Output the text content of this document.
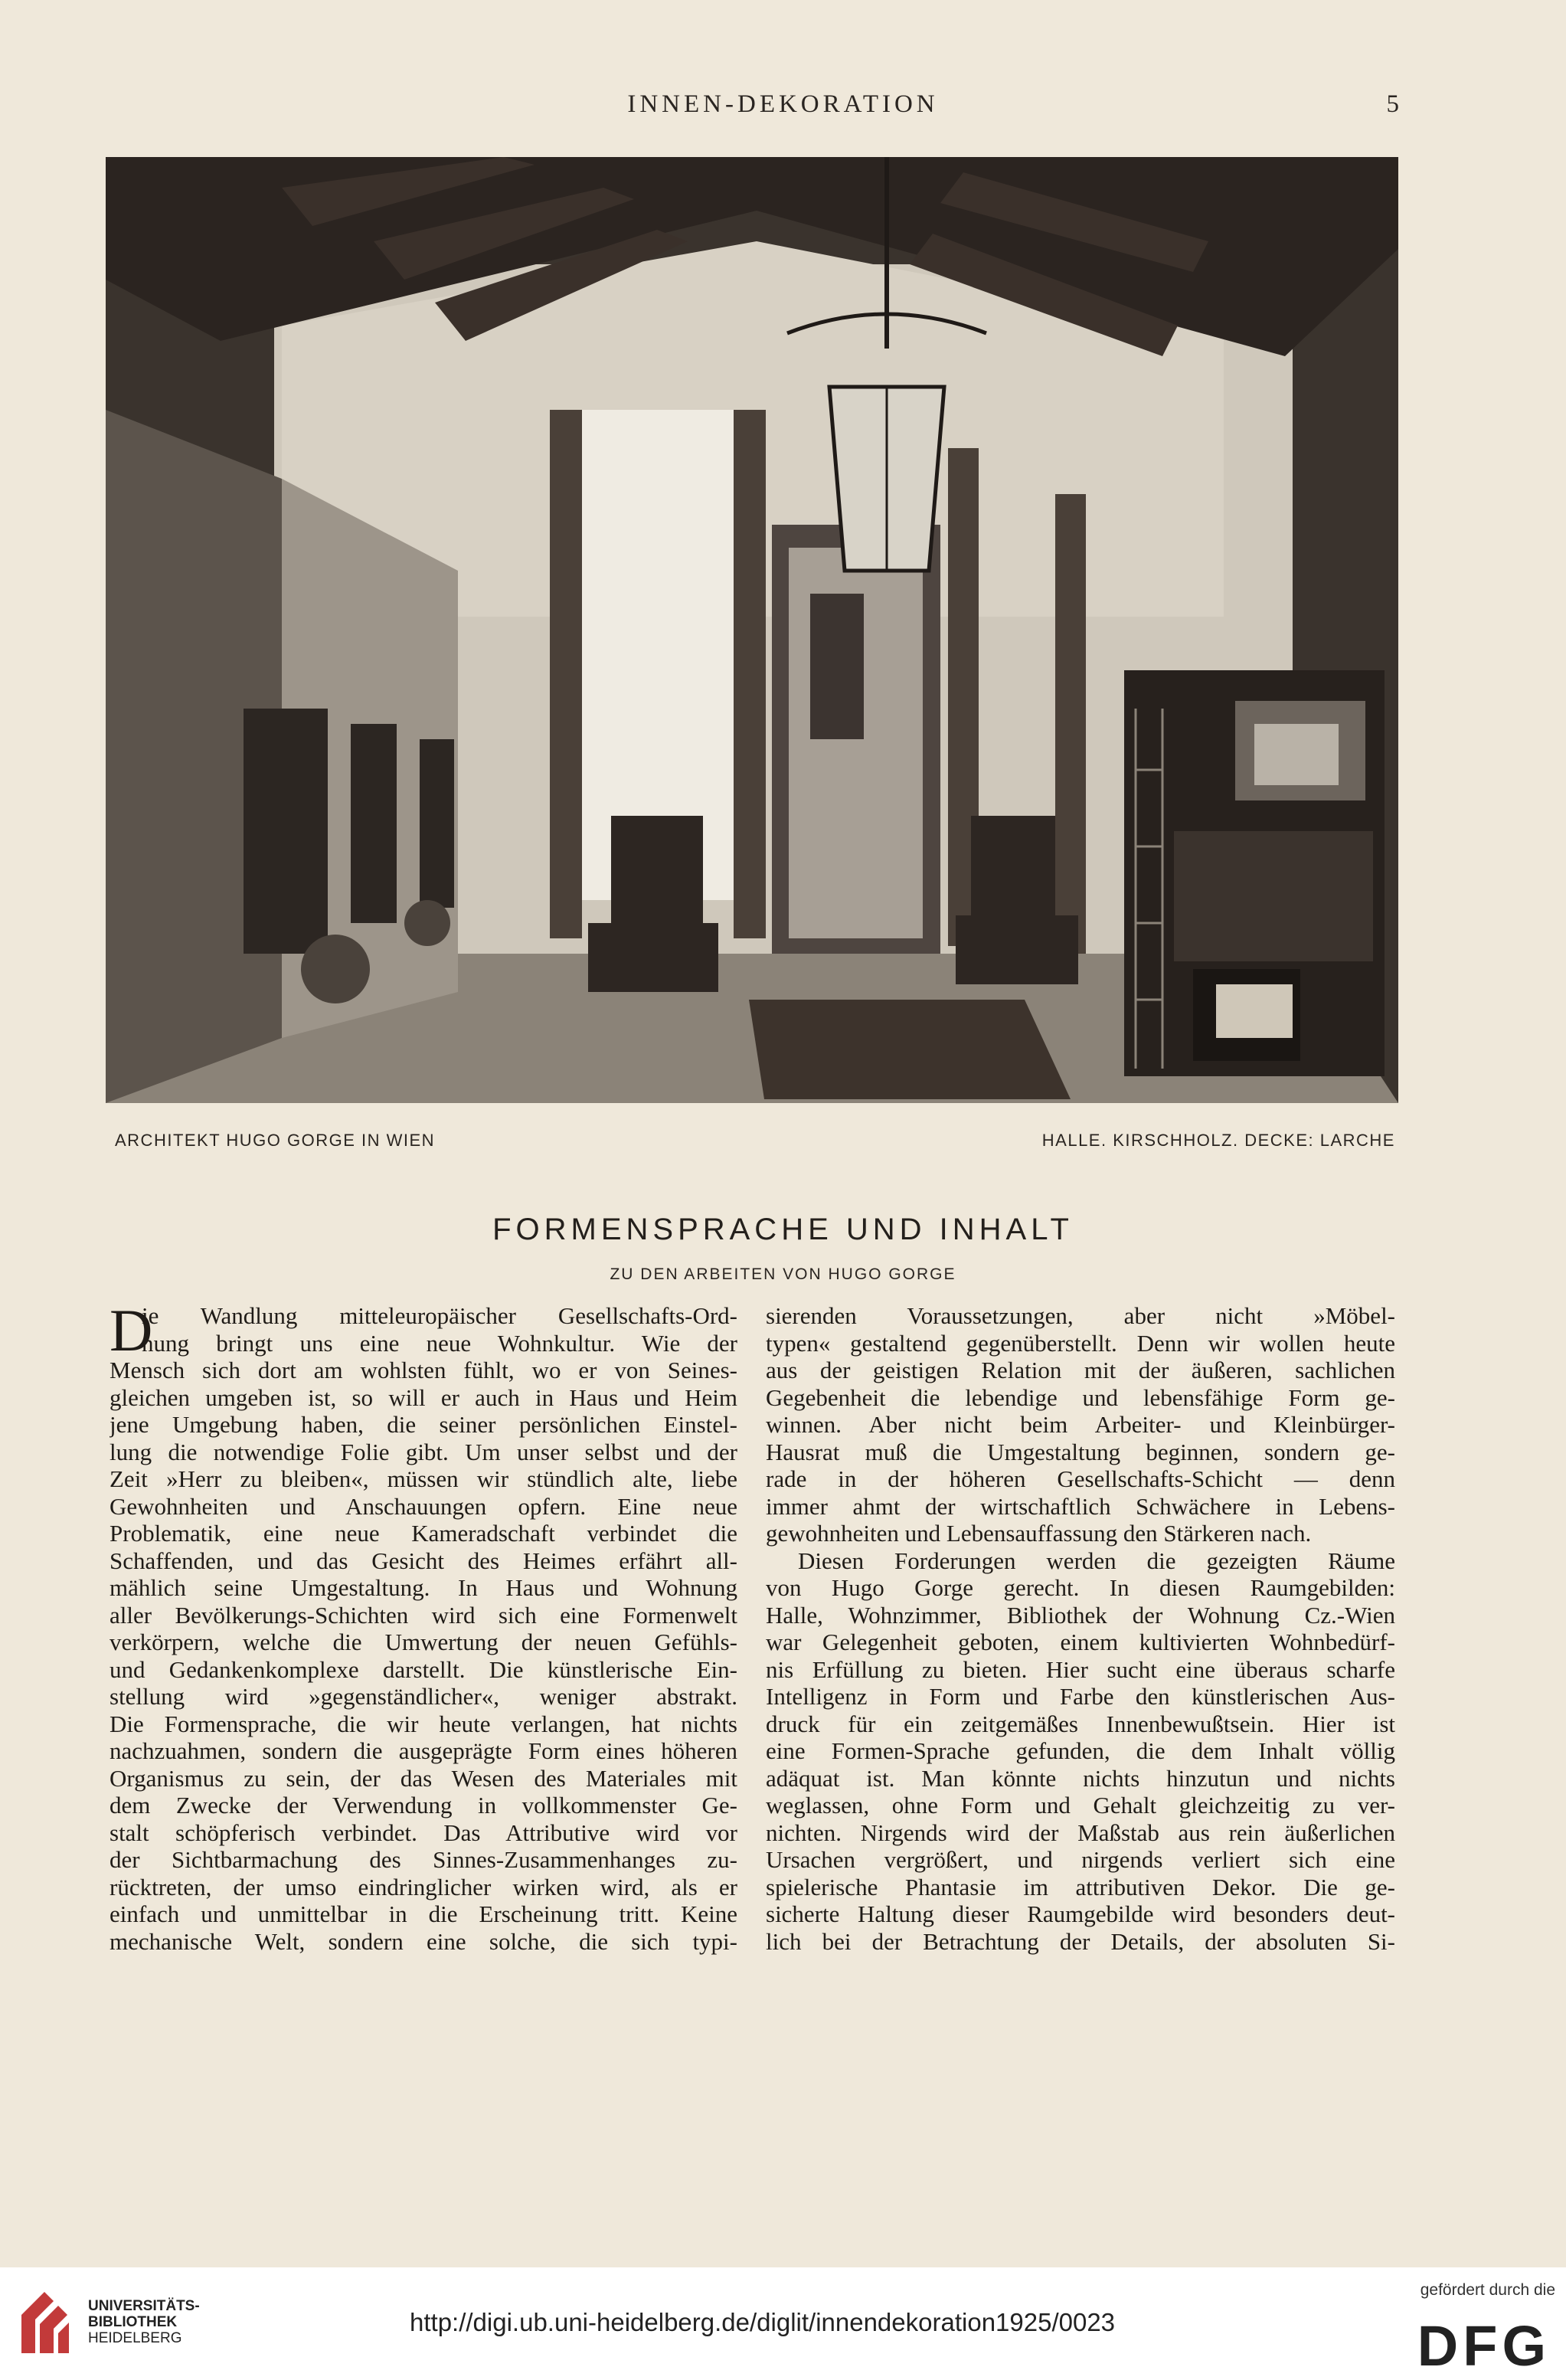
INNEN-DEKORATION	5
ARCHITEKT HUGO GORGE IN WIEN	HALLE. KIRSCHHOLZ. DECKE: LARCHE
FORMENSPRACHE UND INHALT
ZU DEN ARBEITEN VON HUGO GORGE
D
ie Wandlung mitteleuropäischer Gesellschafts-Ord-
nung bringt uns eine neue Wohnkultur. Wie der
Mensch sich dort am wohlsten fühlt, wo er von Seines-
gleichen umgeben ist, so will er auch in Haus und Heim
jene Umgebung haben, die seiner persönlichen Einstel-
lung die notwendige Folie gibt. Um unser selbst und der
Zeit »Herr zu bleiben«, müssen wir stündlich alte, liebe
Gewohnheiten und Anschauungen opfern. Eine neue
Problematik, eine neue Kameradschaft verbindet die
Schaffenden, und das Gesicht des Heimes erfährt all-
mählich seine Umgestaltung. In Haus und Wohnung
aller Bevölkerungs-Schichten wird sich eine Formenwelt
verkörpern, welche die Umwertung der neuen Gefühls-
und Gedankenkomplexe darstellt. Die künstlerische Ein-
stellung wird »gegenständlicher«, weniger abstrakt.
Die Formensprache, die wir heute verlangen, hat nichts
nachzuahmen, sondern die ausgeprägte Form eines höheren
Organismus zu sein, der das Wesen des Materiales mit
dem Zwecke der Verwendung in vollkommenster Ge-
stalt schöpferisch verbindet. Das Attributive wird vor
der Sichtbarmachung des Sinnes-Zusammenhanges zu-
rücktreten, der umso eindringlicher wirken wird, als er
einfach und unmittelbar in die Erscheinung tritt. Keine
mechanische Welt, sondern eine solche, die sich typi-
sierenden Voraussetzungen, aber nicht »Möbel-
typen« gestaltend gegenüberstellt. Denn wir wollen heute
aus der geistigen Relation mit der äußeren, sachlichen
Gegebenheit die lebendige und lebensfähige Form ge-
winnen. Aber nicht beim Arbeiter- und Kleinbürger-
Hausrat muß die Umgestaltung beginnen, sondern ge-
rade in der höheren Gesellschafts-Schicht — denn
immer ahmt der wirtschaftlich Schwächere in Lebens-
gewohnheiten und Lebensauffassung den Stärkeren nach.
Diesen Forderungen werden die gezeigten Räume
von Hugo Gorge gerecht. In diesen Raumgebilden:
Halle, Wohnzimmer, Bibliothek der Wohnung Cz.-Wien
war Gelegenheit geboten, einem kultivierten Wohnbedürf-
nis Erfüllung zu bieten. Hier sucht eine überaus scharfe
Intelligenz in Form und Farbe den künstlerischen Aus-
druck für ein zeitgemäßes Innenbewußtsein. Hier ist
eine Formen-Sprache gefunden, die dem Inhalt völlig
adäquat ist. Man könnte nichts hinzutun und nichts
weglassen, ohne Form und Gehalt gleichzeitig zu ver-
nichten. Nirgends wird der Maßstab aus rein äußerlichen
Ursachen vergrößert, und nirgends verliert sich eine
spielerische Phantasie im attributiven Dekor. Die ge-
sicherte Haltung dieser Raumgebilde wird besonders deut-
lich bei der Betrachtung der Details, der absoluten Si-
UNIVERSITÄTS-
BIBLIOTHEK
HEIDELBERG
http://digi.ub.uni-heidelberg.de/diglit/innendekoration1925/0023
gefördert durch die
DFG
